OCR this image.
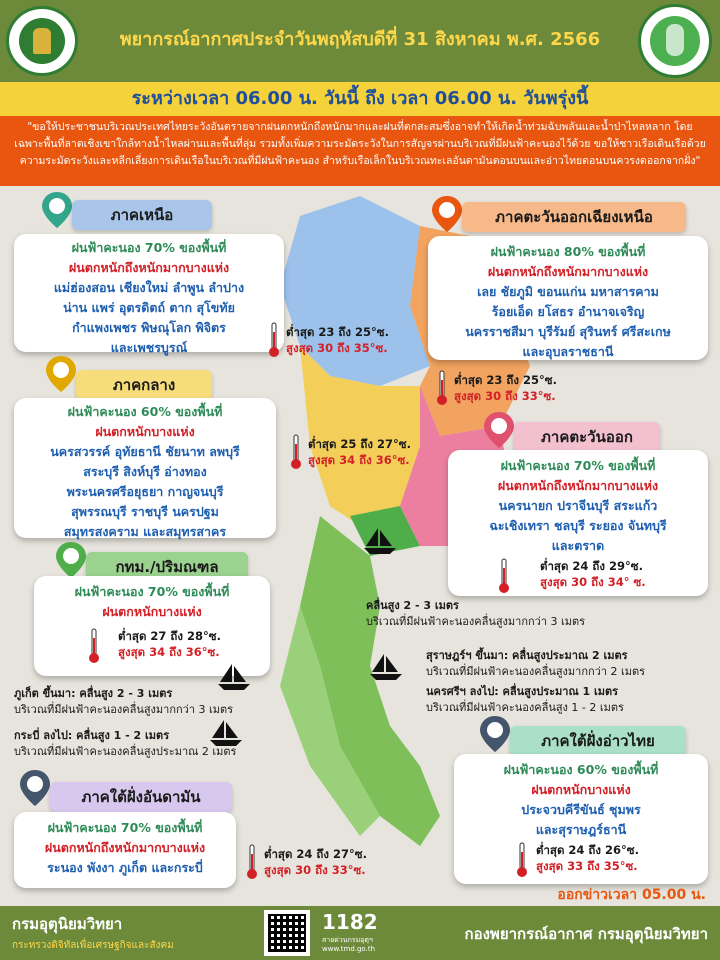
พยากรณ์อากาศประจำวันพฤหัสบดีที่ 31 สิงหาคม พ.ศ. 2566
ระหว่างเวลา 06.00 น. วันนี้ ถึง เวลา 06.00 น. วันพรุ่งนี้
"ขอให้ประชาชนบริเวณประเทศไทยระวังอันตรายจากฝนตกหนักถึงหนักมากและฝนที่ตกสะสมซึ่งอาจทำให้เกิดน้ำท่วมฉับพลันและน้ำป่าไหลหลาก โดยเฉพาะพื้นที่ลาดเชิงเขาใกล้ทางน้ำไหลผ่านและพื้นที่ลุ่ม รวมทั้งเพิ่มความระมัดระวังในการสัญจรผ่านบริเวณที่มีฝนฟ้าคะนองไว้ด้วย ขอให้ชาวเรือเดินเรือด้วยความระมัดระวังและหลีกเลี่ยงการเดินเรือในบริเวณที่มีฝนฟ้าคะนอง สำหรับเรือเล็กในบริเวณทะเลอันดามันตอนบนและอ่าวไทยตอนบนควรงดออกจากฝั่ง"
ภาคเหนือ
ฝนฟ้าคะนอง 70% ของพื้นที่
ฝนตกหนักถึงหนักมากบางแห่ง
แม่ฮ่องสอน เชียงใหม่ ลำพูน ลำปาง
น่าน แพร่ อุตรดิตถ์ ตาก สุโขทัย
กำแพงเพชร พิษณุโลก พิจิตร
และเพชรบูรณ์
ต่ำสุด 23 ถึง 25°ซ.
สูงสุด 30 ถึง 35°ซ.
ภาคตะวันออกเฉียงเหนือ
ฝนฟ้าคะนอง 80% ของพื้นที่
ฝนตกหนักถึงหนักมากบางแห่ง
เลย ชัยภูมิ ขอนแก่น มหาสารคาม
ร้อยเอ็ด ยโสธร อำนาจเจริญ
นครราชสีมา บุรีรัมย์ สุรินทร์ ศรีสะเกษ
และอุบลราชธานี
ต่ำสุด 23 ถึง 25°ซ.
สูงสุด 30 ถึง 33°ซ.
ภาคกลาง
ฝนฟ้าคะนอง 60% ของพื้นที่
ฝนตกหนักบางแห่ง
นครสวรรค์ อุทัยธานี ชัยนาท ลพบุรี
สระบุรี สิงห์บุรี อ่างทอง
พระนครศรีอยุธยา กาญจนบุรี
สุพรรณบุรี ราชบุรี นครปฐม
สมุทรสงคราม และสมุทรสาคร
ต่ำสุด 25 ถึง 27°ซ.
สูงสุด 34 ถึง 36°ซ.
ภาคตะวันออก
ฝนฟ้าคะนอง 70% ของพื้นที่
ฝนตกหนักถึงหนักมากบางแห่ง
นครนายก ปราจีนบุรี สระแก้ว
ฉะเชิงเทรา ชลบุรี ระยอง จันทบุรี
และตราด
ต่ำสุด 24 ถึง 29°ซ.
สูงสุด 30 ถึง 34° ซ.
คลื่นสูง 2 - 3 เมตร
บริเวณที่มีฝนฟ้าคะนองคลื่นสูงมากกว่า 3 เมตร
กทม./ปริมณฑล
ฝนฟ้าคะนอง 70% ของพื้นที่
ฝนตกหนักบางแห่ง
ต่ำสุด 27 ถึง 28°ซ.
สูงสุด 34 ถึง 36°ซ.	สุราษฎร์ฯ ขึ้นมา: คลื่นสูงประมาณ 2 เมตร
บริเวณที่มีฝนฟ้าคะนองคลื่นสูงมากกว่า 2 เมตร
นครศรีฯ ลงไป: คลื่นสูงประมาณ 1 เมตร
บริเวณที่มีฝนฟ้าคะนองคลื่นสูง 1 - 2 เมตร
ภูเก็ต ขึ้นมา: คลื่นสูง 2 - 3 เมตร
บริเวณที่มีฝนฟ้าคะนองคลื่นสูงมากกว่า 3 เมตร
กระบี่ ลงไป: คลื่นสูง 1 - 2 เมตร
บริเวณที่มีฝนฟ้าคะนองคลื่นสูงประมาณ 2 เมตร
ภาคใต้ฝั่งอ่าวไทย
ฝนฟ้าคะนอง 60% ของพื้นที่
ฝนตกหนักบางแห่ง
ประจวบคีรีขันธ์ ชุมพร
และสุราษฎร์ธานี
ต่ำสุด 24 ถึง 26°ซ.
สูงสุด 33 ถึง 35°ซ.
ภาคใต้ฝั่งอันดามัน
ฝนฟ้าคะนอง 70% ของพื้นที่
ฝนตกหนักถึงหนักมากบางแห่ง
ระนอง พังงา ภูเก็ต และกระบี่
ต่ำสุด 24 ถึง 27°ซ.
สูงสุด 30 ถึง 33°ซ.
ออกข่าวเวลา 05.00 น.
กรมอุตุนิยมวิทยา
กระทรวงดิจิทัลเพื่อเศรษฐกิจและสังคม
1182
สายด่วนกรมอุตุฯ
www.tmd.go.th
กองพยากรณ์อากาศ กรมอุตุนิยมวิทยา
